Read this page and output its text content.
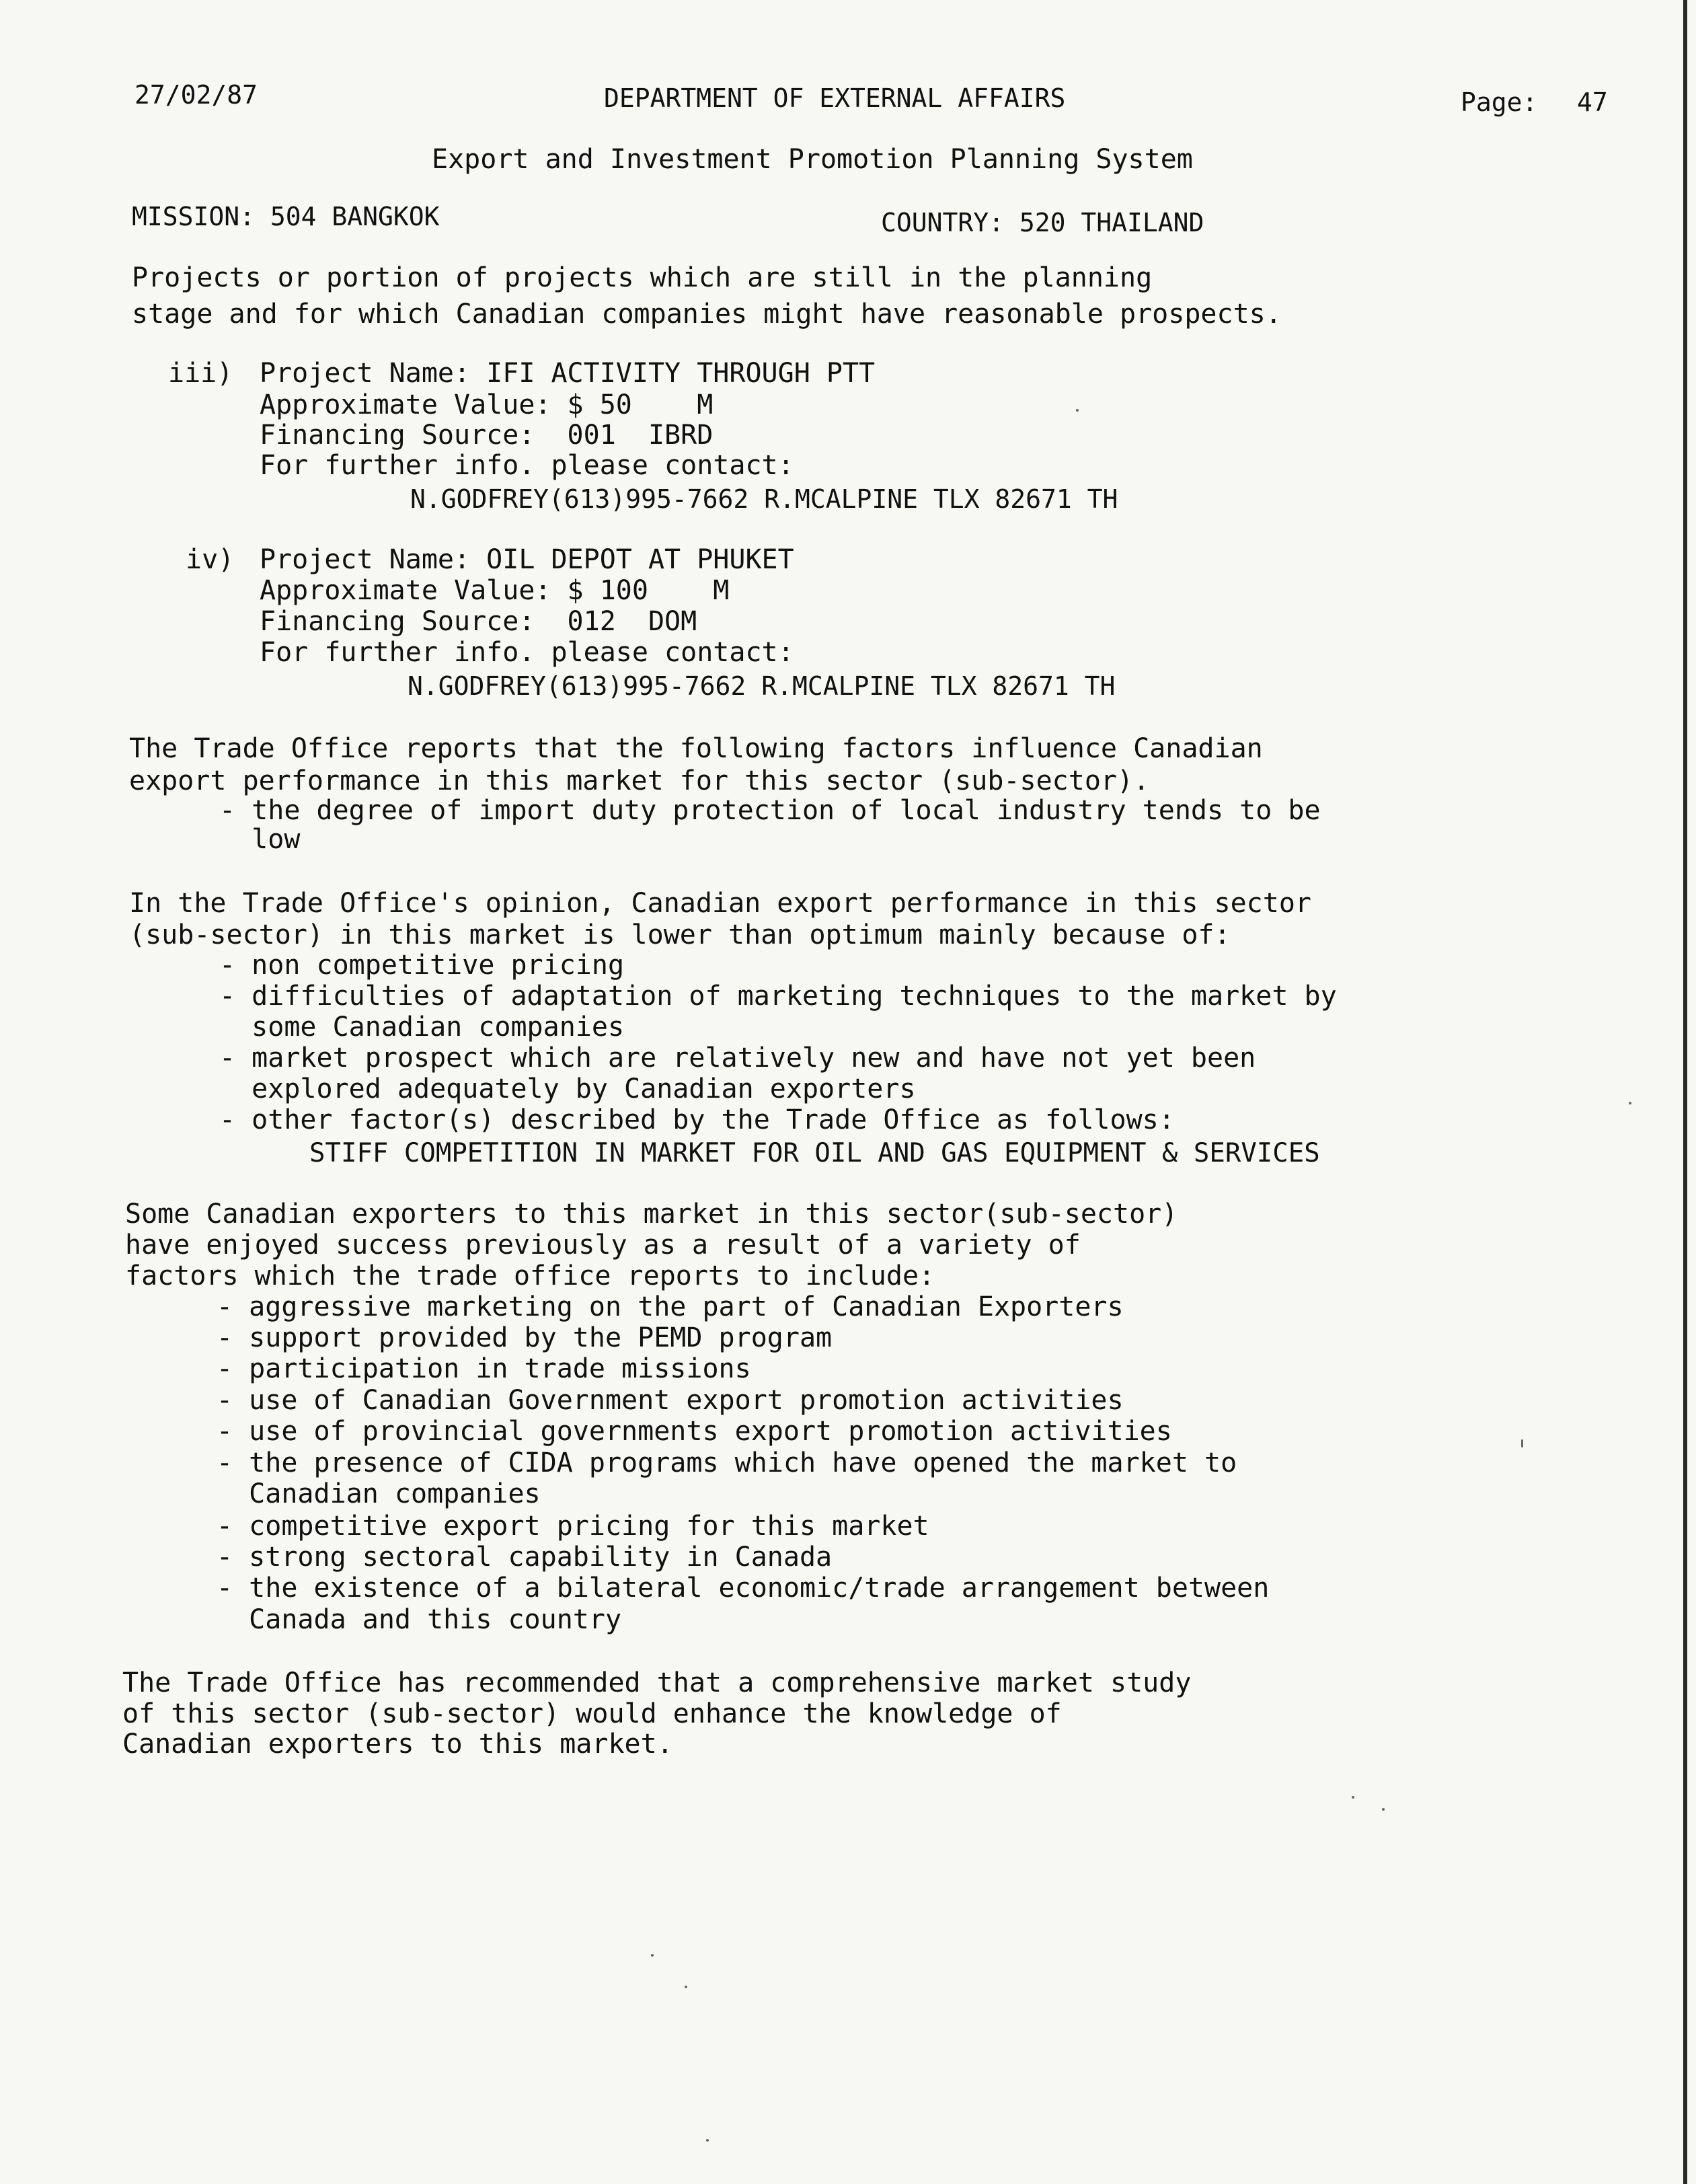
27/02/87	DEPARTMENT OF EXTERNAL AFFAIRS	Page: 47
Export and Investment Promotion Planning System
MISSION: 504 BANGKOK	COUNTRY: 520 THAILAND
Projects or portion of projects which are still in the planning
stage and for which Canadian companies might have reasonable prospects.
iii) Project Name: IFI ACTIVITY THROUGH PTT
Approximate Value: $ 50    M
Financing Source:  001  IBRD
For further info. please contact:
N.GODFREY(613)995-7662 R.MCALPINE TLX 82671 TH
iv) Project Name: OIL DEPOT AT PHUKET
Approximate Value: $ 100    M
Financing Source:  012  DOM
For further info. please contact:
N.GODFREY(613)995-7662 R.MCALPINE TLX 82671 TH
The Trade Office reports that the following factors influence Canadian
export performance in this market for this sector (sub-sector).
- the degree of import duty protection of local industry tends to be
low
In the Trade Office's opinion, Canadian export performance in this sector
(sub-sector) in this market is lower than optimum mainly because of:
- non competitive pricing
- difficulties of adaptation of marketing techniques to the market by
some Canadian companies
- market prospect which are relatively new and have not yet been
explored adequately by Canadian exporters
- other factor(s) described by the Trade Office as follows:
STIFF COMPETITION IN MARKET FOR OIL AND GAS EQUIPMENT & SERVICES
Some Canadian exporters to this market in this sector(sub-sector)
have enjoyed success previously as a result of a variety of
factors which the trade office reports to include:
- aggressive marketing on the part of Canadian Exporters
- support provided by the PEMD program
- participation in trade missions
- use of Canadian Government export promotion activities
- use of provincial governments export promotion activities
- the presence of CIDA programs which have opened the market to
Canadian companies
- competitive export pricing for this market
- strong sectoral capability in Canada
- the existence of a bilateral economic/trade arrangement between
Canada and this country
The Trade Office has recommended that a comprehensive market study
of this sector (sub-sector) would enhance the knowledge of
Canadian exporters to this market.
